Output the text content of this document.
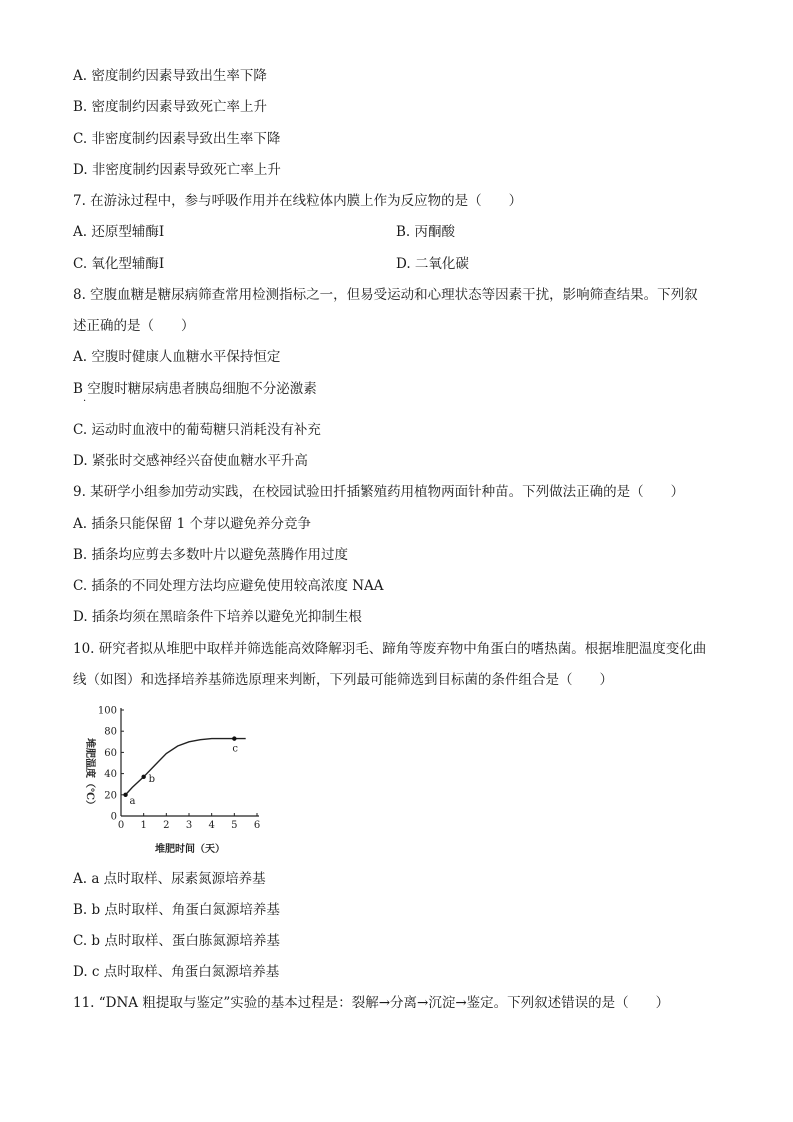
A. 密度制约因素导致出生率下降
B. 密度制约因素导致死亡率上升
C. 非密度制约因素导致出生率下降
D. 非密度制约因素导致死亡率上升
7. 在游泳过程中，参与呼吸作用并在线粒体内膜上作为反应物的是（　　）
A. 还原型辅酶Ⅰ	B. 丙酮酸
C. 氧化型辅酶Ⅰ	D. 二氧化碳
8. 空腹血糖是糖尿病筛查常用检测指标之一，但易受运动和心理状态等因素干扰，影响筛查结果。下列叙
述正确的是（　　）
A. 空腹时健康人血糖水平保持恒定
B 空腹时糖尿病患者胰岛细胞不分泌激素
·
C. 运动时血液中的葡萄糖只消耗没有补充
D. 紧张时交感神经兴奋使血糖水平升高
9. 某研学小组参加劳动实践，在校园试验田扦插繁殖药用植物两面针种苗。下列做法正确的是（　　）
A. 插条只能保留 1 个芽以避免养分竞争
B. 插条均应剪去多数叶片以避免蒸腾作用过度
C. 插条的不同处理方法均应避免使用较高浓度 NAA
D. 插条均须在黑暗条件下培养以避免光抑制生根
10. 研究者拟从堆肥中取样并筛选能高效降解羽毛、蹄角等废弃物中角蛋白的嗜热菌。根据堆肥温度变化曲
线（如图）和选择培养基筛选原理来判断，下列最可能筛选到目标菌的条件组合是（　　）
0 1 2 3 4 5 6
0
20
40
60
80
100
a
b
c
堆肥温度（℃）
堆肥时间（天）
A. a 点时取样、尿素氮源培养基
B. b 点时取样、角蛋白氮源培养基
C. b 点时取样、蛋白胨氮源培养基
D. c 点时取样、角蛋白氮源培养基
11. “DNA 粗提取与鉴定”实验的基本过程是：裂解→分离→沉淀→鉴定。下列叙述错误的是（　　）
